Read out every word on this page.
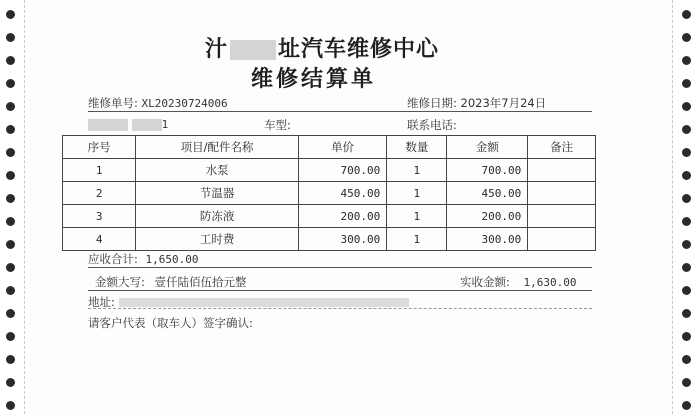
汁 址汽车维修中心
维修结算单
维修单号: XL20230724006	维修日期: 2023年7月24日
1	车型:	联系电话:
序号	项目/配件名称	单价	数量	金额	备注
1	水泵	700.00	1	700.00	
2	节温器	450.00	1	450.00	
3	防冻液	200.00	1	200.00	
4	工时费	300.00	1	300.00	
应收合计: 1,650.00
金额大写: 壹仟陆佰伍拾元整	实收金额: 1,630.00
地址:
请客户代表（取车人）签字确认:
